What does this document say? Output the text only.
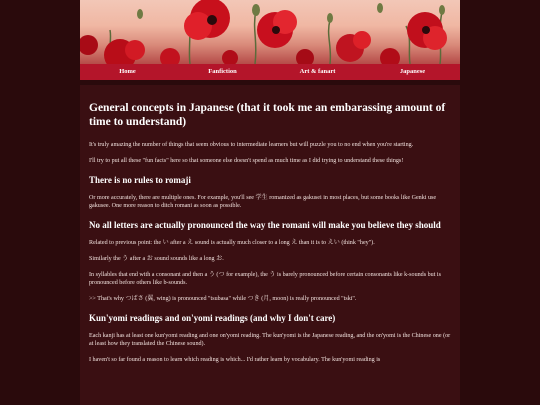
Home	Fanfiction	Art & fanart	Japanese
General concepts in Japanese (that it took me an embarassing amount of time to understand)

It's truly amazing the number of things that seem obvious to intermediate learners but will puzzle you to no end when you're starting.

I'll try to put all these "fun facts" here so that someone else doesn't spend as much time as I did trying to understand these things!

There is no rules to romaji

Or more accurately, there are multiple ones. For example, you'll see 学生 romanized as gakusei in most places, but some books like Genki use gakusee. One more reason to ditch romani as soon as possible.

No all letters are actually pronounced the way the romani will make you believe they should

Related to previous point: the い after a え sound is actually much closer to a long え than it is to えい (think "hey").

Similarly the う after a お sound sounds like a long お.

In syllables that end with a consonant and then a う (つ for example), the う is barely pronounced before certain consonants like k-sounds but is pronounced before others like b-sounds.

>> That's why つばさ (翼, wing) is pronounced "tsubasa" while つき (月, moon) is really pronounced "tski".

Kun'yomi readings and on'yomi readings (and why I don't care)

Each kanji has at least one kun'yomi reading and one on'yomi reading. The kun'yomi is the Japanese reading, and the on'yomi is the Chinese one (or at least how they translated the Chinese sound).

I haven't so far found a reason to learn which reading is which... I'd rather learn by vocabulary. The kun'yomi reading is
